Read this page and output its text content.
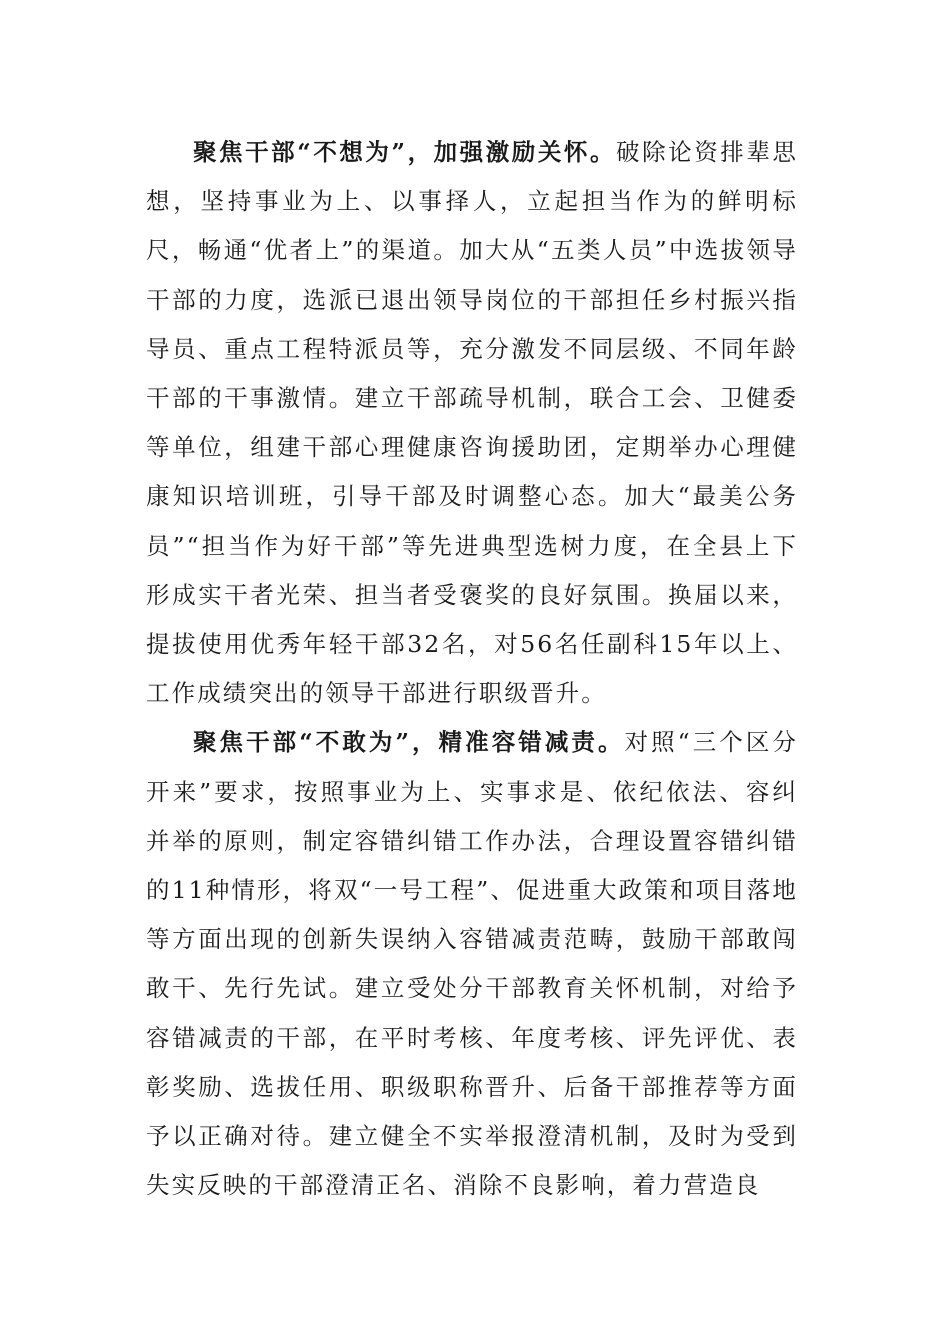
聚焦干部“不想为”，加强激励关怀。破除论资排辈思想，坚持事业为上、以事择人，立起担当作为的鲜明标尺，畅通“优者上”的渠道。加大从“五类人员”中选拔领导干部的力度，选派已退出领导岗位的干部担任乡村振兴指导员、重点工程特派员等，充分激发不同层级、不同年龄干部的干事激情。建立干部疏导机制，联合工会、卫健委等单位，组建干部心理健康咨询援助团，定期举办心理健康知识培训班，引导干部及时调整心态。加大“最美公务员”“担当作为好干部”等先进典型选树力度，在全县上下形成实干者光荣、担当者受褒奖的良好氛围。换届以来，提拔使用优秀年轻干部32名，对56名任副科15年以上、工作成绩突出的领导干部进行职级晋升。

聚焦干部“不敢为”，精准容错减责。对照“三个区分开来”要求，按照事业为上、实事求是、依纪依法、容纠并举的原则，制定容错纠错工作办法，合理设置容错纠错的11种情形，将双“一号工程”、促进重大政策和项目落地等方面出现的创新失误纳入容错减责范畴，鼓励干部敢闯敢干、先行先试。建立受处分干部教育关怀机制，对给予容错减责的干部，在平时考核、年度考核、评先评优、表彰奖励、选拔任用、职级职称晋升、后备干部推荐等方面予以正确对待。建立健全不实举报澄清机制，及时为受到失实反映的干部澄清正名、消除不良影响，着力营造良
